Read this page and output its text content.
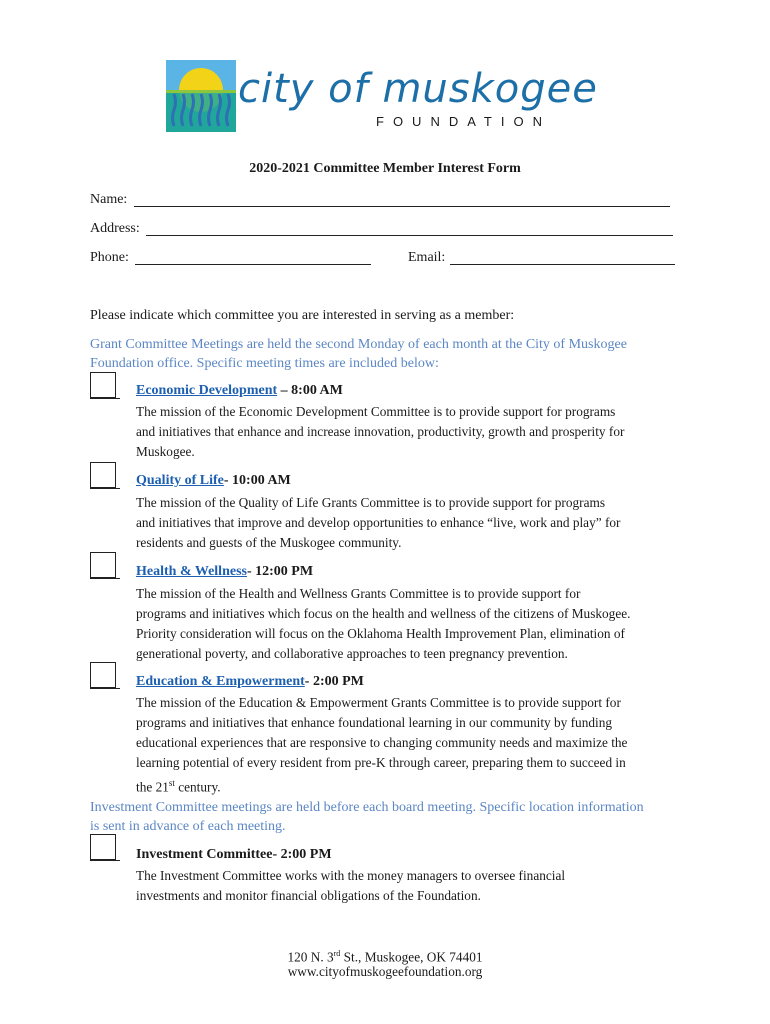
city of muskogee
FOUNDATION
2020-2021 Committee Member Interest Form
Name:
Address:
Phone:	Email:
Please indicate which committee you are interested in serving as a member:
Grant Committee Meetings are held the second Monday of each month at the City of Muskogee
Foundation office. Specific meeting times are included below:
Economic Development – 8:00 AM
The mission of the Economic Development Committee is to provide support for programs
and initiatives that enhance and increase innovation, productivity, growth and prosperity for
Muskogee.
Quality of Life- 10:00 AM
The mission of the Quality of Life Grants Committee is to provide support for programs
and initiatives that improve and develop opportunities to enhance “live, work and play” for
residents and guests of the Muskogee community.
Health & Wellness- 12:00 PM
The mission of the Health and Wellness Grants Committee is to provide support for
programs and initiatives which focus on the health and wellness of the citizens of Muskogee.
Priority consideration will focus on the Oklahoma Health Improvement Plan, elimination of
generational poverty, and collaborative approaches to teen pregnancy prevention.
Education & Empowerment- 2:00 PM
The mission of the Education & Empowerment Grants Committee is to provide support for
programs and initiatives that enhance foundational learning in our community by funding
educational experiences that are responsive to changing community needs and maximize the
learning potential of every resident from pre-K through career, preparing them to succeed in
the 21st century.
Investment Committee meetings are held before each board meeting. Specific location information
is sent in advance of each meeting.
Investment Committee- 2:00 PM
The Investment Committee works with the money managers to oversee financial
investments and monitor financial obligations of the Foundation.
120 N. 3rd St., Muskogee, OK 74401
www.cityofmuskogeefoundation.org
